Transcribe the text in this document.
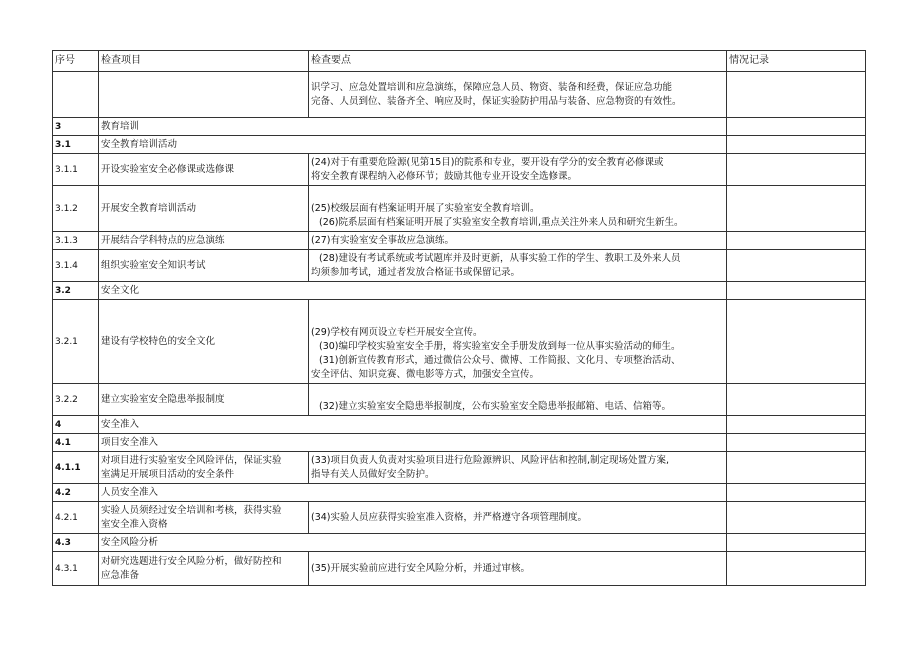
序号	检查项目	检查要点	情况记录

		识学习、应急处置培训和应急演练，保障应急人员、物资、装备和经费，保证应急功能
完备、人员到位、装备齐全、响应及时，保证实验防护用品与装备、应急物资的有效性。	

3	教育培训		
3.1	安全教育培训活动		
3.1.1	开设实验室安全必修课或选修课	(24)对于有重要危险源(见第15目)的院系和专业，要开设有学分的安全教育必修课或
将安全教育课程纳入必修环节；鼓励其他专业开设安全选修课。	

3.1.2	开展安全教育培训活动	(25)校级层面有档案证明开展了实验室安全教育培训。
(26)院系层面有档案证明开展了实验室安全教育培训,重点关注外来人员和研究生新生。	

3.1.3	开展结合学科特点的应急演练	(27)有实验室安全事故应急演练。	

3.1.4	组织实验室安全知识考试	(28)建设有考试系统或考试题库并及时更新，从事实验工作的学生、教职工及外来人员
均须参加考试，通过者发放合格证书或保留记录。	

3.2	安全文化		
3.2.1	建设有学校特色的安全文化	(29)学校有网页设立专栏开展安全宣传。
(30)编印学校实验室安全手册，将实验室安全手册发放到每一位从事实验活动的师生。
(31)创新宣传教育形式，通过微信公众号、微博、工作简报、文化月、专项整治活动、
安全评估、知识竞赛、微电影等方式，加强安全宣传。	

3.2.2	建立实验室安全隐患举报制度	(32)建立实验室安全隐患举报制度，公布实验室安全隐患举报邮箱、电话、信箱等。	

4	安全准入		
4.1	项目安全准入		
4.1.1	对项目进行实验室安全风险评估，保证实验
室满足开展项目活动的安全条件	(33)项目负责人负责对实验项目进行危险源辨识、风险评估和控制,制定现场处置方案,
指导有关人员做好安全防护。	

4.2	人员安全准入		
4.2.1	实验人员须经过安全培训和考核，获得实验
室安全准入资格	(34)实验人员应获得实验室准入资格，并严格遵守各项管理制度。	

4.3	安全风险分析		
4.3.1	对研究选题进行安全风险分析，做好防控和
应急准备	(35)开展实验前应进行安全风险分析，并通过审核。	
